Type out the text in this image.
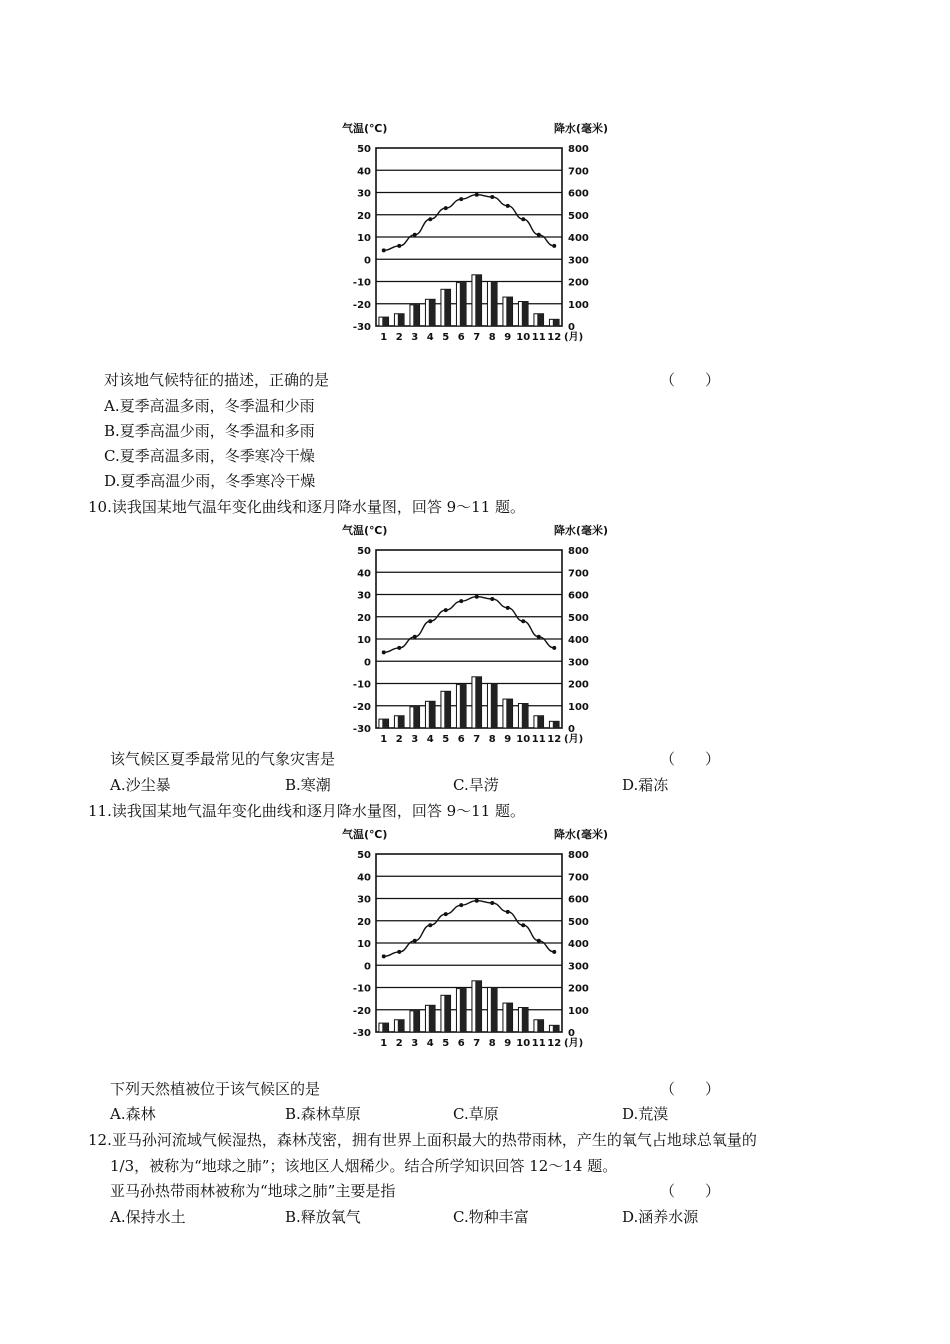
气温(℃)	降水(毫米)
50
40
30
20
10
0
-10
-20
-30
800
700
600
500
400
300
200
100
0
1 2 3 4 5 6 7 8 9 10 11 12 (月)
对该地气候特征的描述，正确的是	（　　）
A.夏季高温多雨，冬季温和少雨
B.夏季高温少雨，冬季温和多雨
C.夏季高温多雨，冬季寒冷干燥
D.夏季高温少雨，冬季寒冷干燥
10.读我国某地气温年变化曲线和逐月降水量图，回答 9～11 题。
气温(℃)	降水(毫米)
50
40
30
20
10
0
-10
-20
-30
800
700
600
500
400
300
200
100
0
1 2 3 4 5 6 7 8 9 10 11 12 (月)
该气候区夏季最常见的气象灾害是	（　　）
A.沙尘暴	B.寒潮	C.旱涝	D.霜冻
11.读我国某地气温年变化曲线和逐月降水量图，回答 9～11 题。
气温(℃)	降水(毫米)
50
40
30
20
10
0
-10
-20
-30
800
700
600
500
400
300
200
100
0
1 2 3 4 5 6 7 8 9 10 11 12 (月)
下列天然植被位于该气候区的是	（　　）
A.森林	B.森林草原	C.草原	D.荒漠
12.亚马孙河流域气候湿热，森林茂密，拥有世界上面积最大的热带雨林，产生的氧气占地球总氧量的
1/3，被称为“地球之肺”；该地区人烟稀少。结合所学知识回答 12～14 题。
亚马孙热带雨林被称为“地球之肺”主要是指	（　　）
A.保持水土	B.释放氧气	C.物种丰富	D.涵养水源
